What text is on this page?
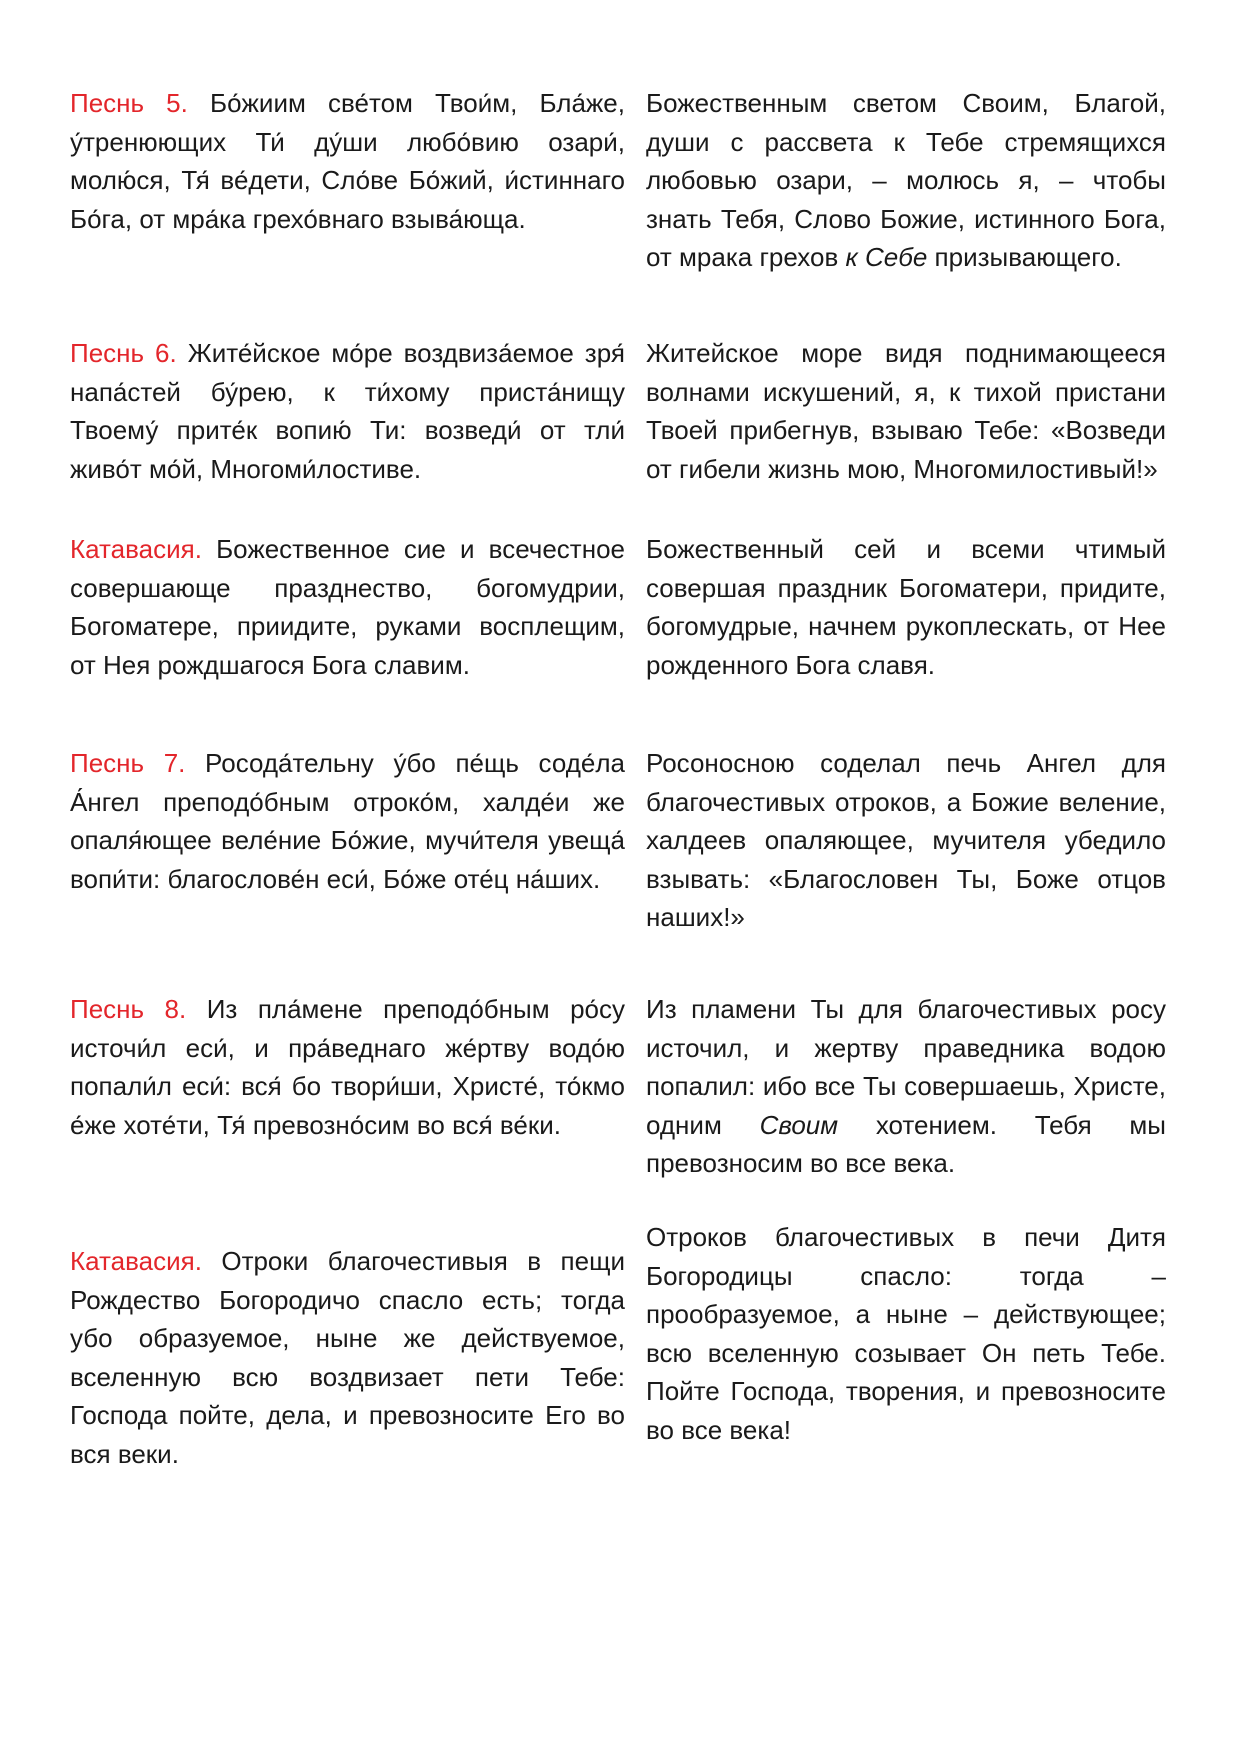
Песнь 5. Бо́жиим све́том Твои́м, Бла́же, у́тренюющих Ти́ ду́ши любо́вию озари́, молю́ся, Тя́ ве́дети, Сло́ве Бо́жий, и́стиннаго Бо́га, от мра́ка грехо́внаго взыва́юща.
Божественным светом Своим, Благой, души с рассвета к Тебе стремящихся любовью озари, – молюсь я, – чтобы знать Тебя, Слово Божие, истинного Бога, от мрака грехов к Себе призывающего.
Песнь 6. Жите́йское мо́ре воздвиза́емое зря́ напа́стей бу́рею, к ти́хому приста́нищу Твоему́ прите́к вопию́ Ти: возведи́ от тли́ живо́т мо́й, Многоми́лостиве.
Житейское море видя поднимающееся волнами искушений, я, к тихой пристани Твоей прибегнув, взываю Тебе: «Возведи от гибели жизнь мою, Многомилостивый!»
Катавасия. Божественное сие и всечестное совершающе празднество, богомудрии, Богоматере, приидите, руками восплещим, от Нея рождшагося Бога славим.
Божественный сей и всеми чтимый совершая праздник Богоматери, придите, богомудрые, начнем рукоплескать, от Нее рожденного Бога славя.
Песнь 7. Росода́тельну у́бо пе́щь соде́ла А́нгел преподо́бным отроко́м, халде́и же опаля́ющее веле́ние Бо́жие, мучи́теля увеща́ вопи́ти: благослове́н еси́, Бо́же оте́ц на́ших.
Росоносною соделал печь Ангел для благочестивых отроков, а Божие веление, халдеев опаляющее, мучителя убедило взывать: «Благословен Ты, Боже отцов наших!»
Песнь 8. Из пла́мене преподо́бным ро́су источи́л еси́, и пра́веднаго же́ртву водо́ю попали́л еси́: вся́ бо твори́ши, Христе́, то́кмо е́же хоте́ти, Тя́ превозно́сим во вся́ ве́ки.
Из пламени Ты для благочестивых росу источил, и жертву праведника водою попалил: ибо все Ты совершаешь, Христе, одним Своим хотением. Тебя мы превозносим во все века.
Катавасия. Отроки благочестивыя в пещи Рождество Богородичо спасло есть; тогда убо образуемое, ныне же действуемое, вселенную всю воздвизает пети Тебе: Господа пойте, дела, и превозносите Его во вся веки.
Отроков благочестивых в печи Дитя Богородицы спасло: тогда – прообразуемое, а ныне – действующее; всю вселенную созывает Он петь Тебе. Пойте Господа, творения, и превозносите во все века!
